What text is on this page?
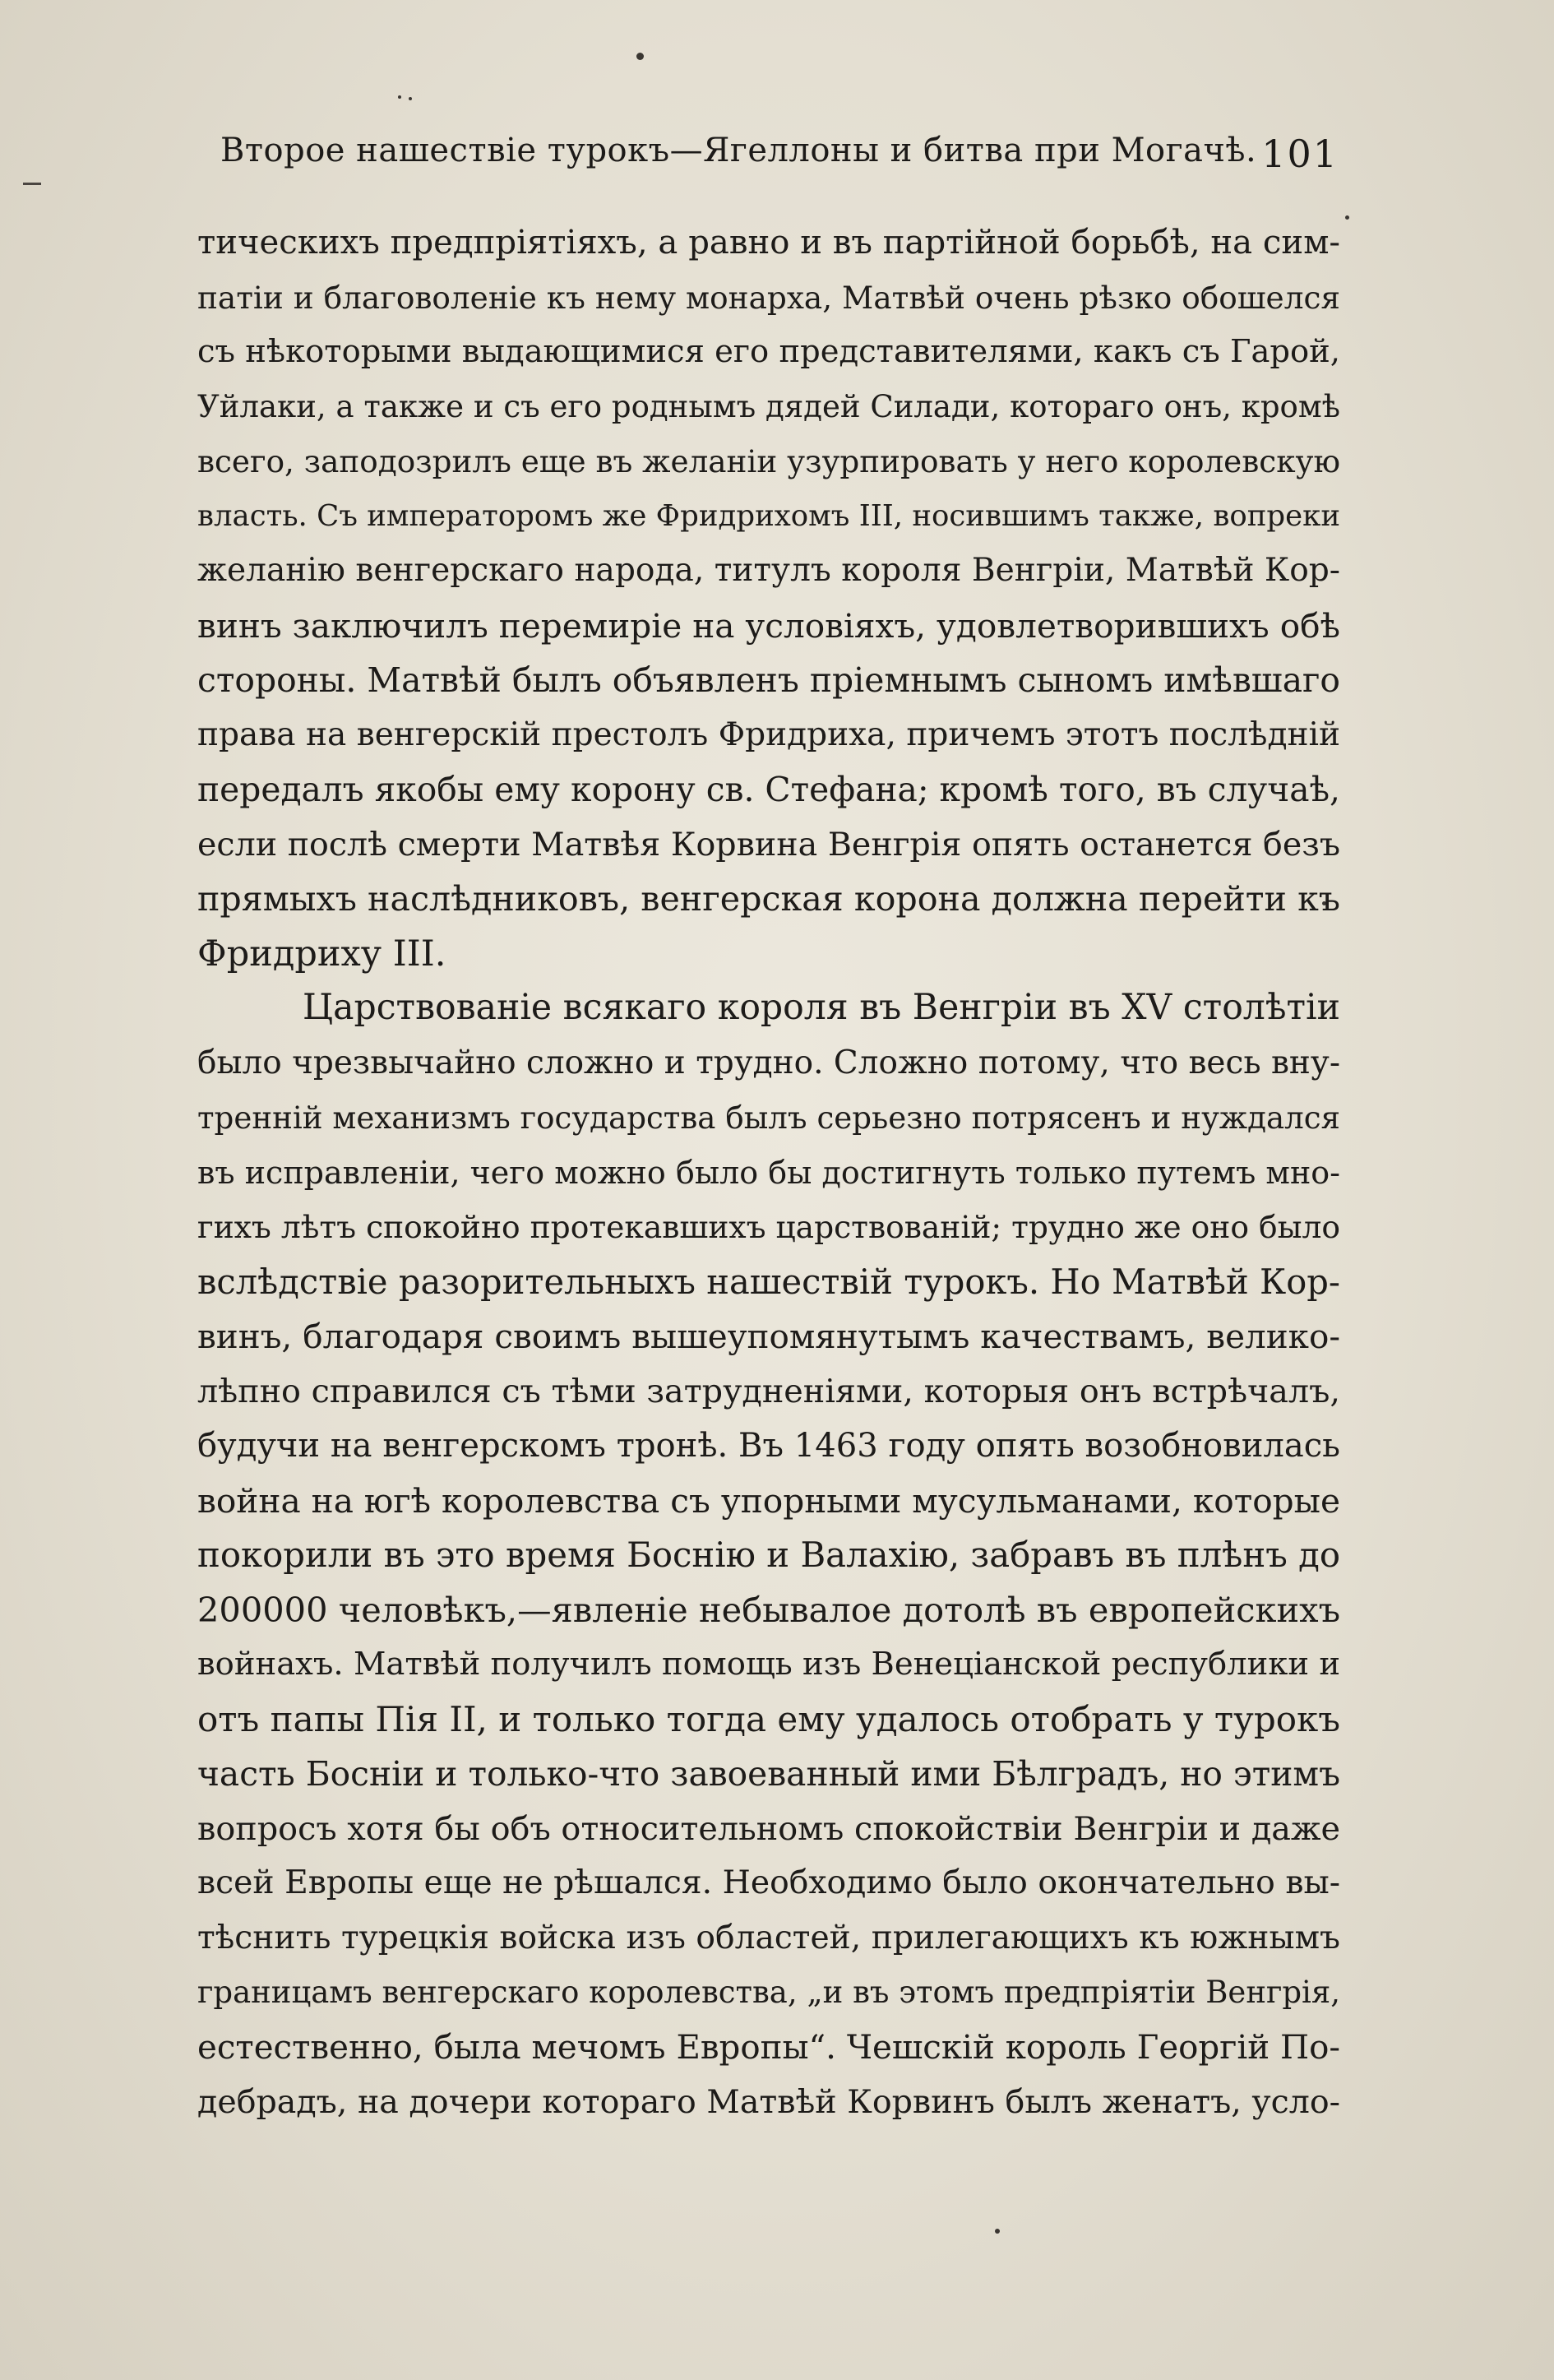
Второе нашествіе турокъ—Ягеллоны и битва при Могачѣ. 101
тическихъ предпріятіяхъ, а равно и въ партійной борьбѣ, на сим-
патіи и благоволеніе къ нему монарха, Матвѣй очень рѣзко обошелся
съ нѣкоторыми выдающимися его представителями, какъ съ Гарой,
Уйлаки, а также и съ его роднымъ дядей Силади, котораго онъ, кромѣ
всего, заподозрилъ еще въ желаніи узурпировать у него королевскую
власть. Съ императоромъ же Фридрихомъ III, носившимъ также, вопреки
желанію венгерскаго народа, титулъ короля Венгріи, Матвѣй Кор-
винъ заключилъ перемиріе на условіяхъ, удовлетворившихъ обѣ
стороны. Матвѣй былъ объявленъ пріемнымъ сыномъ имѣвшаго
права на венгерскій престолъ Фридриха, причемъ этотъ послѣдній
передалъ якобы ему корону св. Стефана; кромѣ того, въ случаѣ,
если послѣ смерти Матвѣя Корвина Венгрія опять останется безъ
прямыхъ наслѣдниковъ, венгерская корона должна перейти къ
Фридриху III.
Царствованіе всякаго короля въ Венгріи въ XV столѣтіи
было чрезвычайно сложно и трудно. Сложно потому, что весь вну-
тренній механизмъ государства былъ серьезно потрясенъ и нуждался
въ исправленіи, чего можно было бы достигнуть только путемъ мно-
гихъ лѣтъ спокойно протекавшихъ царствованій; трудно же оно было
вслѣдствіе разорительныхъ нашествій турокъ. Но Матвѣй Кор-
винъ, благодаря своимъ вышеупомянутымъ качествамъ, велико-
лѣпно справился съ тѣми затрудненіями, которыя онъ встрѣчалъ,
будучи на венгерскомъ тронѣ. Въ 1463 году опять возобновилась
война на югѣ королевства съ упорными мусульманами, которые
покорили въ это время Боснію и Валахію, забравъ въ плѣнъ до
200000 человѣкъ,—явленіе небывалое дотолѣ въ европейскихъ
войнахъ. Матвѣй получилъ помощь изъ Венеціанской республики и
отъ папы Пія II, и только тогда ему удалось отобрать у турокъ
часть Босніи и только-что завоеванный ими Бѣлградъ, но этимъ
вопросъ хотя бы объ относительномъ спокойствіи Венгріи и даже
всей Европы еще не рѣшался. Необходимо было окончательно вы-
тѣснить турецкія войска изъ областей, прилегающихъ къ южнымъ
границамъ венгерскаго королевства, „и въ этомъ предпріятіи Венгрія,
естественно, была мечомъ Европы“. Чешскій король Георгій По-
дебрадъ, на дочери котораго Матвѣй Корвинъ былъ женатъ, усло-
